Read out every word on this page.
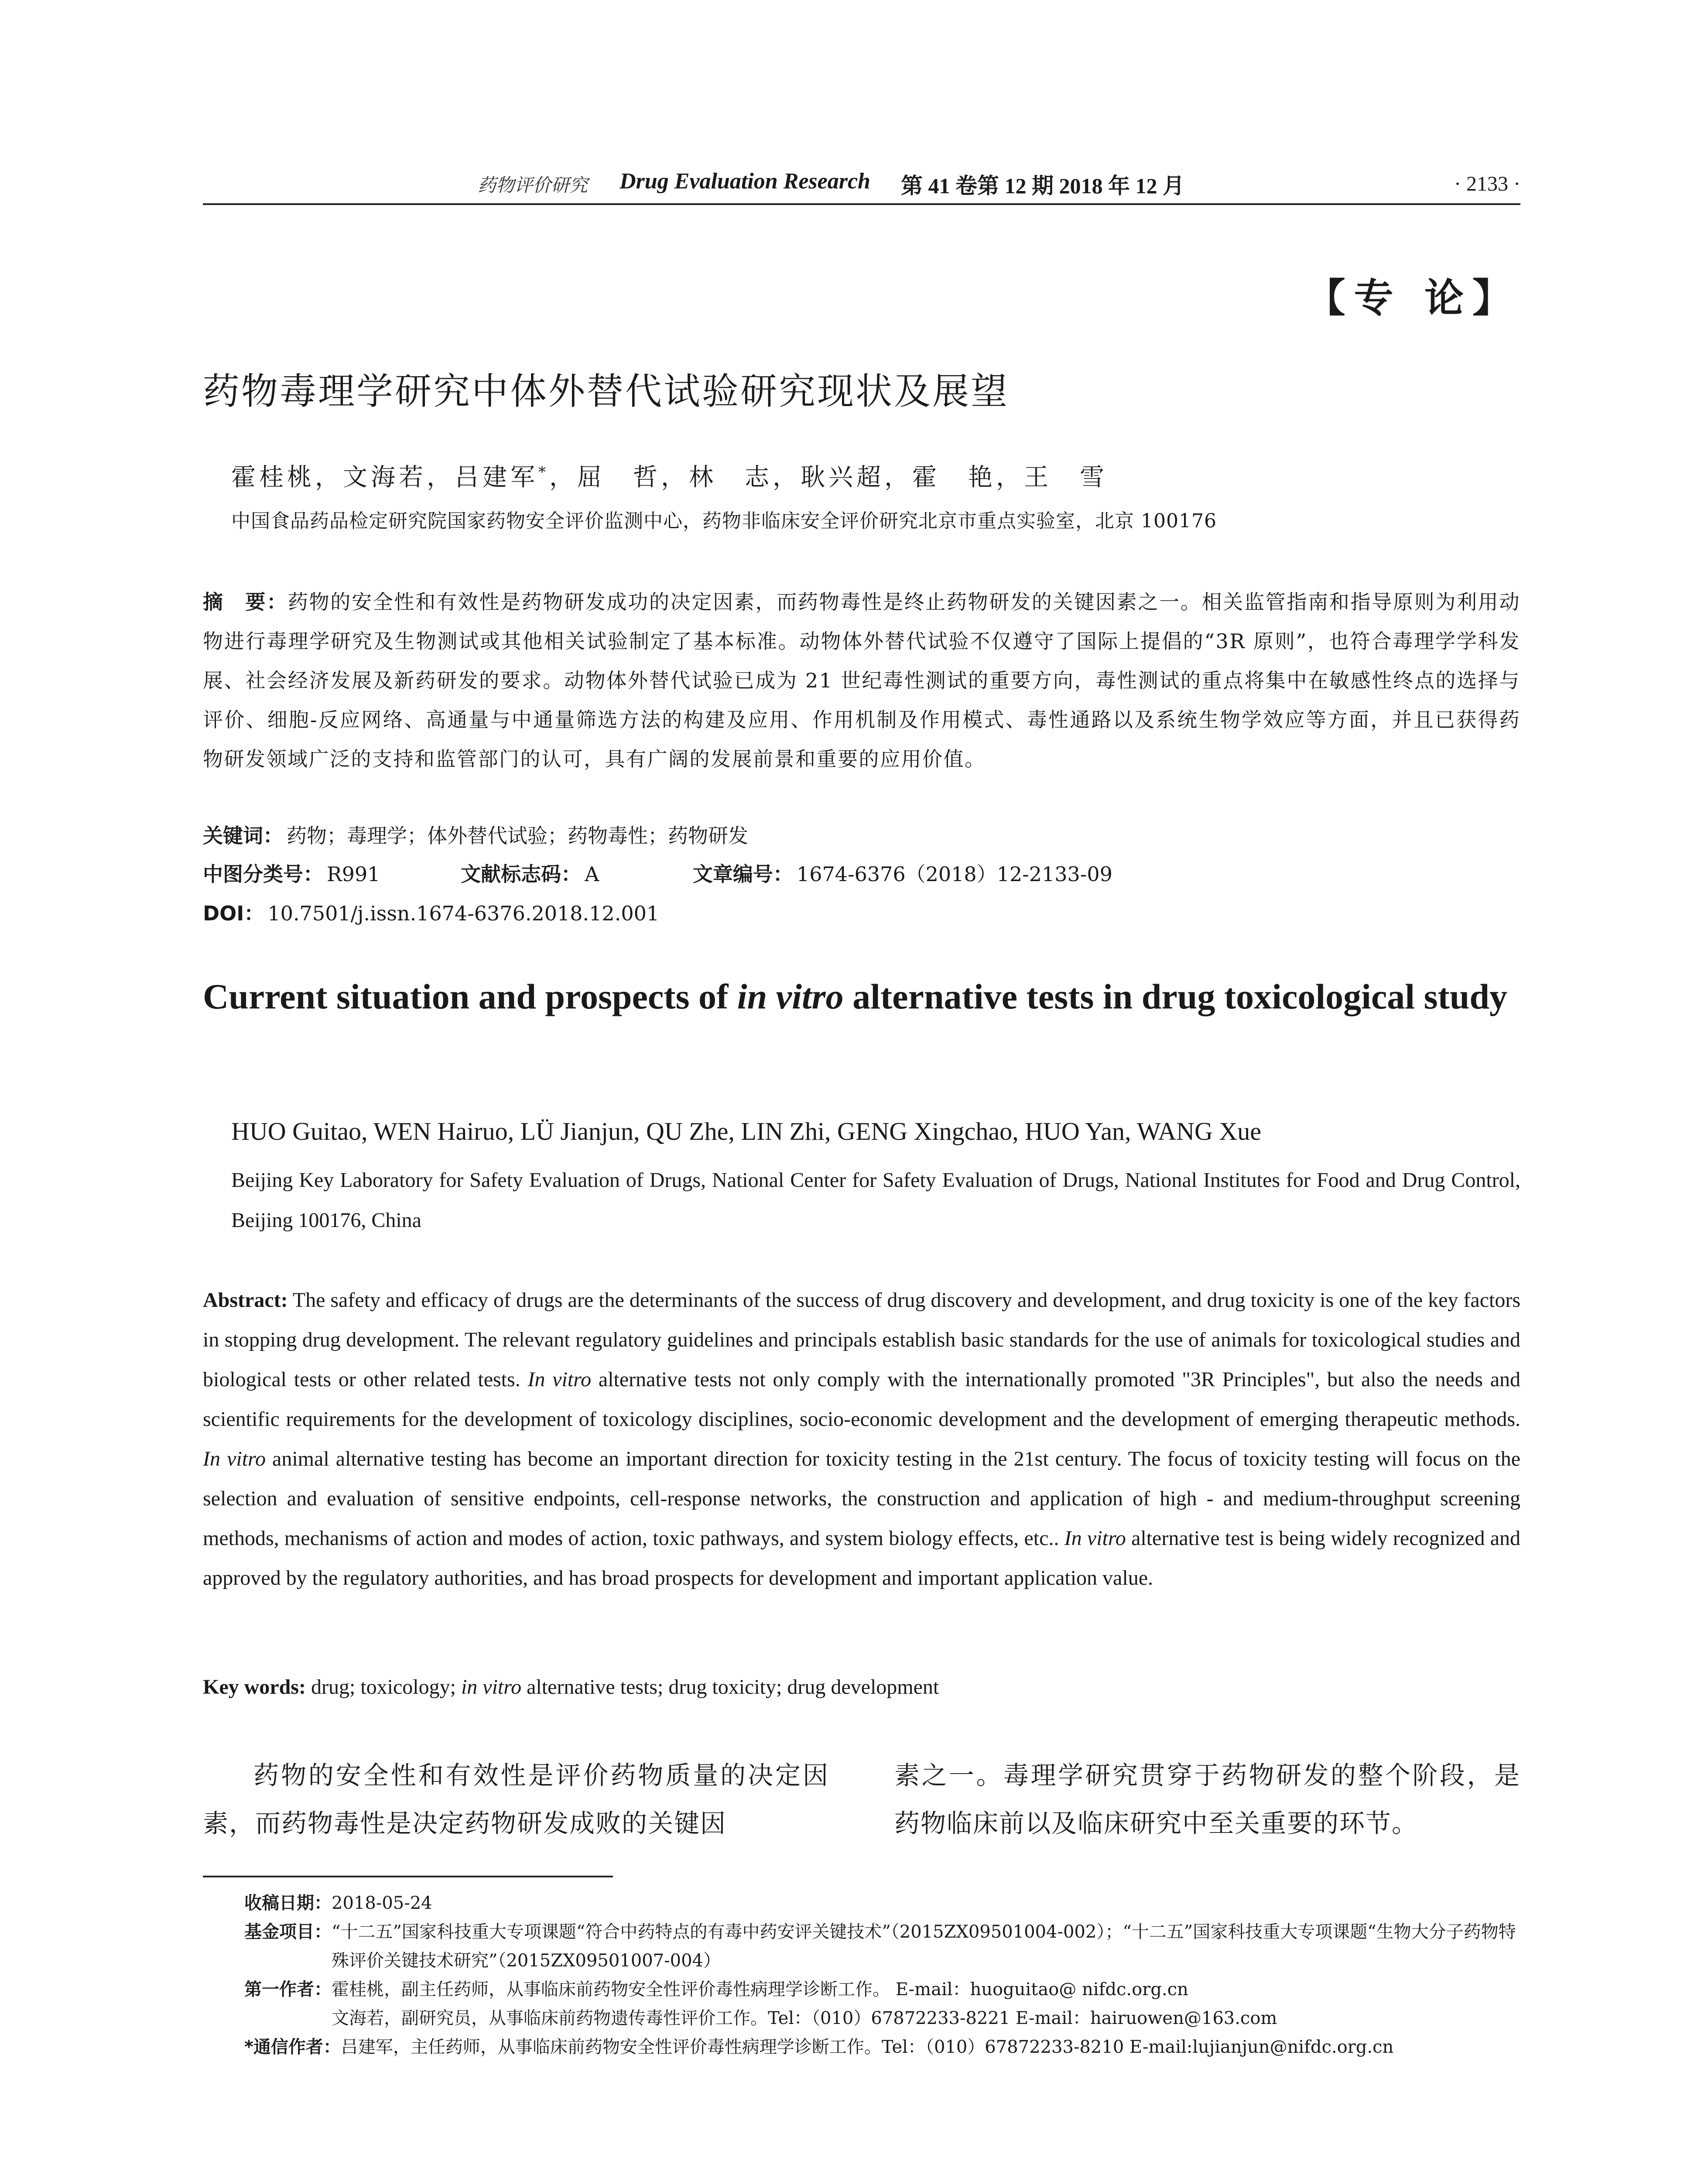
药物评价研究 Drug Evaluation Research 第 41 卷第 12 期 2018 年 12 月	· 2133 ·
【专 论】
药物毒理学研究中体外替代试验研究现状及展望
霍桂桃，文海若，吕建军*，屈　哲，林　志，耿兴超，霍　艳，王　雪
中国食品药品检定研究院国家药物安全评价监测中心，药物非临床安全评价研究北京市重点实验室，北京 100176
摘　要：药物的安全性和有效性是药物研发成功的决定因素，而药物毒性是终止药物研发的关键因素之一。相关监管指南和指导原则为利用动物进行毒理学研究及生物测试或其他相关试验制定了基本标准。动物体外替代试验不仅遵守了国际上提倡的“3R 原则”，也符合毒理学学科发展、社会经济发展及新药研发的要求。动物体外替代试验已成为 21 世纪毒性测试的重要方向，毒性测试的重点将集中在敏感性终点的选择与评价、细胞-反应网络、高通量与中通量筛选方法的构建及应用、作用机制及作用模式、毒性通路以及系统生物学效应等方面，并且已获得药物研发领域广泛的支持和监管部门的认可，具有广阔的发展前景和重要的应用价值。
关键词： 药物；毒理学；体外替代试验；药物毒性；药物研发
中图分类号： R991	文献标志码： A	文章编号： 1674-6376（2018）12-2133-09
DOI： 10.7501/j.issn.1674-6376.2018.12.001
Current situation and prospects of in vitro alternative tests in drug toxicological study
HUO Guitao, WEN Hairuo, LÜ Jianjun, QU Zhe, LIN Zhi, GENG Xingchao, HUO Yan, WANG Xue
Beijing Key Laboratory for Safety Evaluation of Drugs, National Center for Safety Evaluation of Drugs, National Institutes for Food and Drug Control, Beijing 100176, China
Abstract: The safety and efficacy of drugs are the determinants of the success of drug discovery and development, and drug toxicity is one of the key factors in stopping drug development. The relevant regulatory guidelines and principals establish basic standards for the use of animals for toxicological studies and biological tests or other related tests. In vitro alternative tests not only comply with the internationally promoted "3R Principles", but also the needs and scientific requirements for the development of toxicology disciplines, socio-economic development and the development of emerging therapeutic methods. In vitro animal alternative testing has become an important direction for toxicity testing in the 21st century. The focus of toxicity testing will focus on the selection and evaluation of sensitive endpoints, cell-response networks, the construction and application of high - and medium-throughput screening methods, mechanisms of action and modes of action, toxic pathways, and system biology effects, etc.. In vitro alternative test is being widely recognized and approved by the regulatory authorities, and has broad prospects for development and important application value.
Key words: drug; toxicology; in vitro alternative tests; drug toxicity; drug development
药物的安全性和有效性是评价药物质量的决定因素，而药物毒性是决定药物研发成败的关键因
素之一。毒理学研究贯穿于药物研发的整个阶段，是药物临床前以及临床研究中至关重要的环节。
收稿日期： 2018-05-24
基金项目： “十二五”国家科技重大专项课题“符合中药特点的有毒中药安评关键技术”（2015ZX09501004-002）；“十二五”国家科技重大专项课题“生物大分子药物特殊评价关键技术研究”（2015ZX09501007-004）
第一作者： 霍桂桃，副主任药师，从事临床前药物安全性评价毒性病理学诊断工作。 E-mail：huoguitao@ nifdc.org.cn
文海若，副研究员，从事临床前药物遗传毒性评价工作。Tel：（010）67872233-8221 E-mail：hairuowen@163.com
*通信作者： 吕建军，主任药师，从事临床前药物安全性评价毒性病理学诊断工作。Tel：（010）67872233-8210 E-mail:lujianjun@nifdc.org.cn
